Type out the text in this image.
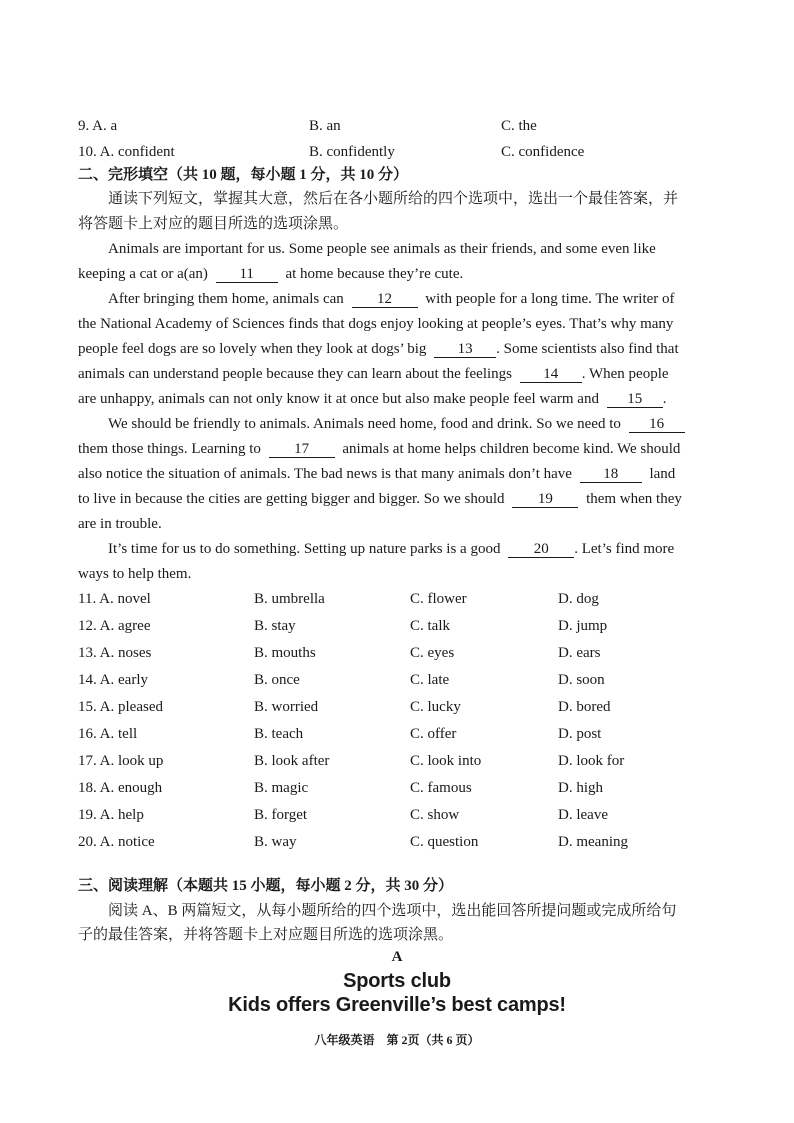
9. A. a	B. an	C. the
10. A. confident	B. confidently	C. confidence
二、完形填空（共 10 题，每小题 1 分，共 10 分）
通读下列短文，掌握其大意，然后在各小题所给的四个选项中，选出一个最佳答案，并
将答题卡上对应的题目所选的选项涂黑。
Animals are important for us. Some people see animals as their friends, and some even like
keeping a cat or a(an) 11 at home because they’re cute.
After bringing them home, animals can 12 with people for a long time. The writer of
the National Academy of Sciences finds that dogs enjoy looking at people’s eyes. That’s why many
people feel dogs are so lovely when they look at dogs’ big 13 . Some scientists also find that
animals can understand people because they can learn about the feelings 14 . When people
are unhappy, animals can not only know it at once but also make people feel warm and 15 .
We should be friendly to animals. Animals need home, food and drink. So we need to 16
them those things. Learning to 17 animals at home helps children become kind. We should
also notice the situation of animals. The bad news is that many animals don’t have 18 land
to live in because the cities are getting bigger and bigger. So we should 19 them when they
are in trouble.
It’s time for us to do something. Setting up nature parks is a good 20 . Let’s find more
ways to help them.
11. A. novel	B. umbrella	C. flower	D. dog
12. A. agree	B. stay	C. talk	D. jump
13. A. noses	B. mouths	C. eyes	D. ears
14. A. early	B. once	C. late	D. soon
15. A. pleased	B. worried	C. lucky	D. bored
16. A. tell	B. teach	C. offer	D. post
17. A. look up	B. look after	C. look into	D. look for
18. A. enough	B. magic	C. famous	D. high
19. A. help	B. forget	C. show	D. leave
20. A. notice	B. way	C. question	D. meaning
三、阅读理解（本题共 15 小题，每小题 2 分，共 30 分）
阅读 A、B 两篇短文，从每小题所给的四个选项中，选出能回答所提问题或完成所给句
子的最佳答案，并将答题卡上对应题目所选的选项涂黑。
A
Sports club
Kids offers Greenville’s best camps!
八年级英语　第 2页（共 6 页）
